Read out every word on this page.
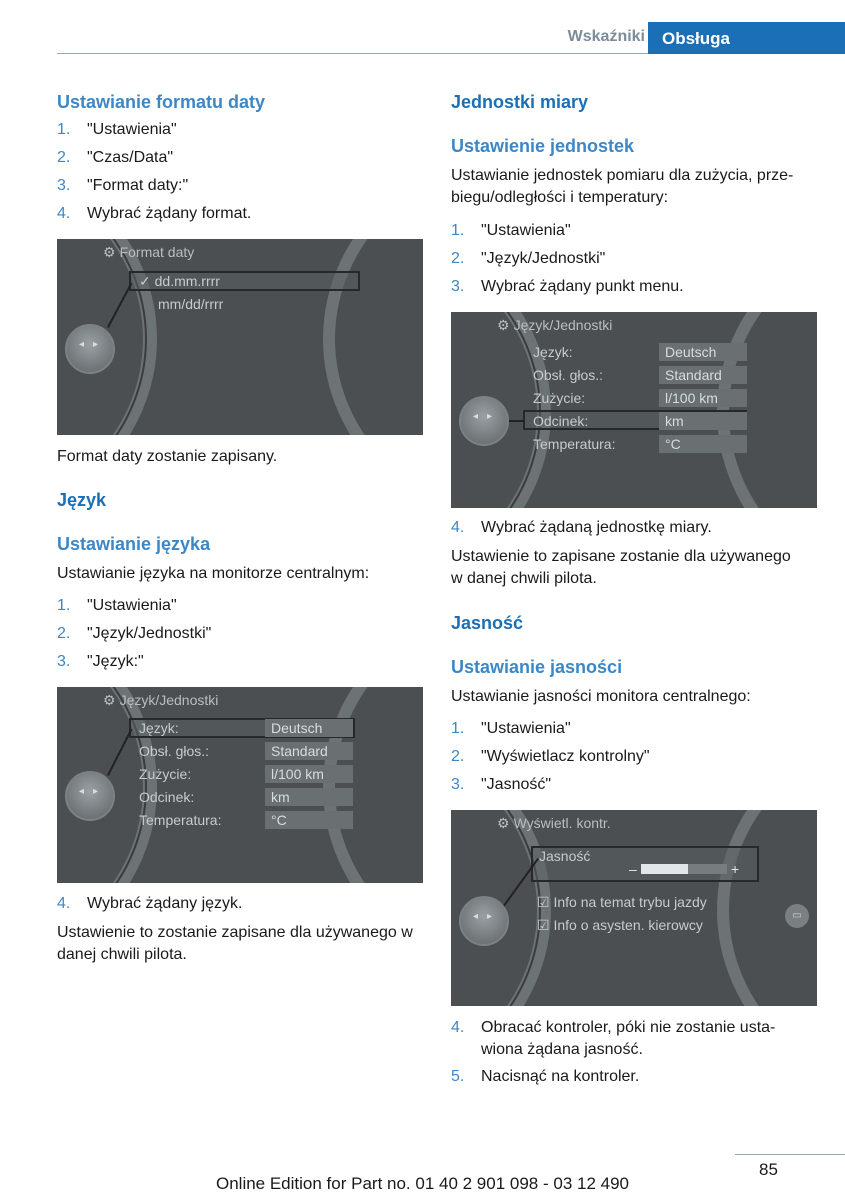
Wskaźniki	Obsługa
Ustawianie formatu daty
1. "Ustawienia"
2. "Czas/Data"
3. "Format daty:"
4. Wybrać żądany format.
⚙ Format daty
✓ dd.mm.rrrr
mm/dd/rrrr
◂ ▸
Format daty zostanie zapisany.
Język
Ustawianie języka
Ustawianie języka na monitorze centralnym:
1. "Ustawienia"
2. "Język/Jednostki"
3. "Język:"
⚙ Język/Jednostki
Język:	Deutsch
Obsł. głos.:	Standard
Zużycie:	l/100 km
Odcinek:	km
Temperatura:	°C
◂ ▸
4. Wybrać żądany język.
Ustawienie to zostanie zapisane dla używanego w danej chwili pilota.
Jednostki miary
Ustawienie jednostek
Ustawianie jednostek pomiaru dla zużycia, prze-
biegu/odległości i temperatury:
1. "Ustawienia"
2. "Język/Jednostki"
3. Wybrać żądany punkt menu.
⚙ Język/Jednostki
Język:	Deutsch
Obsł. głos.:	Standard
Zużycie:	l/100 km
Odcinek:	km
Temperatura:	°C
◂ ▸
4. Wybrać żądaną jednostkę miary.
Ustawienie to zapisane zostanie dla używanego
w danej chwili pilota.
Jasność
Ustawianie jasności
Ustawianie jasności monitora centralnego:
1. "Ustawienia"
2. "Wyświetlacz kontrolny"
3. "Jasność"
⚙ Wyświetl. kontr.
Jasność
–	+
☑ Info na temat trybu jazdy
☑ Info o asysten. kierowcy
◂ ▸	▭
4. Obracać kontroler, póki nie zostanie usta-
wiona żądana jasność.
5. Nacisnąć na kontroler.
85
Online Edition for Part no. 01 40 2 901 098 - 03 12 490
